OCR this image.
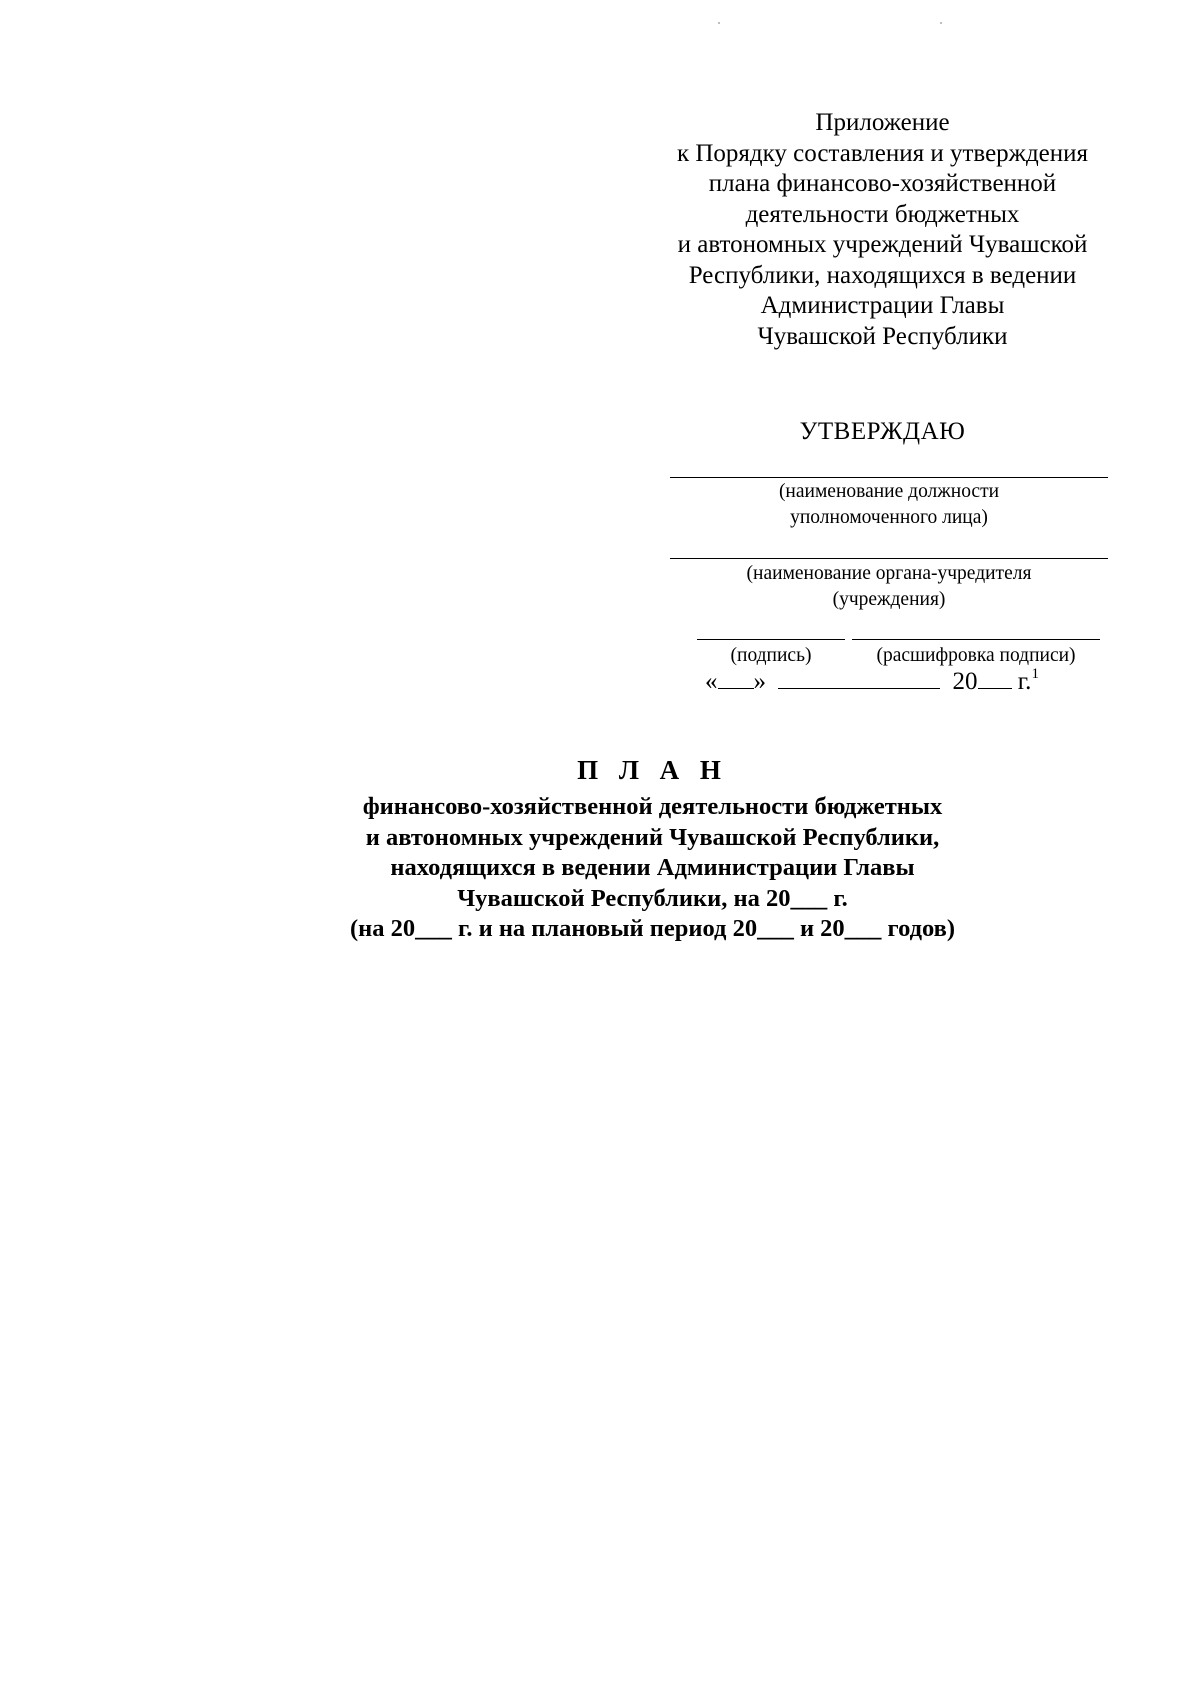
Приложение
к Порядку составления и утверждения
плана финансово-хозяйственной
деятельности бюджетных
и автономных учреждений Чувашской
Республики, находящихся в ведении
Администрации Главы
Чувашской Республики
УТВЕРЖДАЮ
(наименование должности
уполномоченного лица)
(наименование органа-учредителя
(учреждения)
(подпись)	(расшифровка подписи)
« »	20 г.$^1$
П Л А Н
финансово-хозяйственной деятельности бюджетных
и автономных учреждений Чувашской Республики,
находящихся в ведении Администрации Главы
Чувашской Республики, на 20___ г.
(на 20___ г. и на плановый период 20___ и 20___ годов)
